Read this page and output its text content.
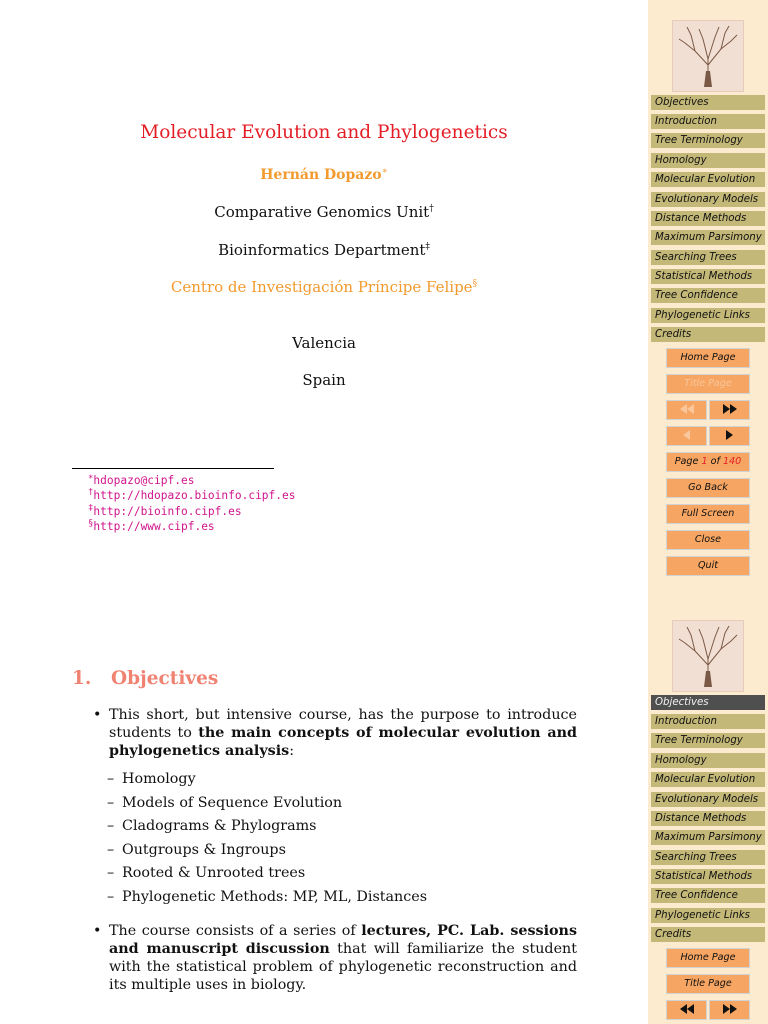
Molecular Evolution and Phylogenetics
Hernán Dopazo∗
Comparative Genomics Unit†
Bioinformatics Department‡
Centro de Investigación Príncipe Felipe§
Valencia
Spain
∗hdopazo@cipf.es
†http://hdopazo.bioinfo.cipf.es
‡http://bioinfo.cipf.es
§http://www.cipf.es
1. Objectives
• This short, but intensive course, has the purpose to introduce students to the main concepts of molecular evolution and phylogenetics analysis:
– Homology
– Models of Sequence Evolution
– Cladograms & Phylograms
– Outgroups & Ingroups
– Rooted & Unrooted trees
– Phylogenetic Methods: MP, ML, Distances
• The course consists of a series of lectures, PC. Lab. sessions and manuscript discussion that will familiarize the student with the statistical problem of phylogenetic reconstruction and its multiple uses in biology.
Objectives
Introduction
Tree Terminology
Homology
Molecular Evolution
Evolutionary Models
Distance Methods
Maximum Parsimony
Searching Trees
Statistical Methods
Tree Confidence
Phylogenetic Links
Credits
Home Page
Title Page
Page 1 of 140
Go Back
Full Screen
Close
Quit
Objectives
Introduction
Tree Terminology
Homology
Molecular Evolution
Evolutionary Models
Distance Methods
Maximum Parsimony
Searching Trees
Statistical Methods
Tree Confidence
Phylogenetic Links
Credits
Home Page
Title Page
